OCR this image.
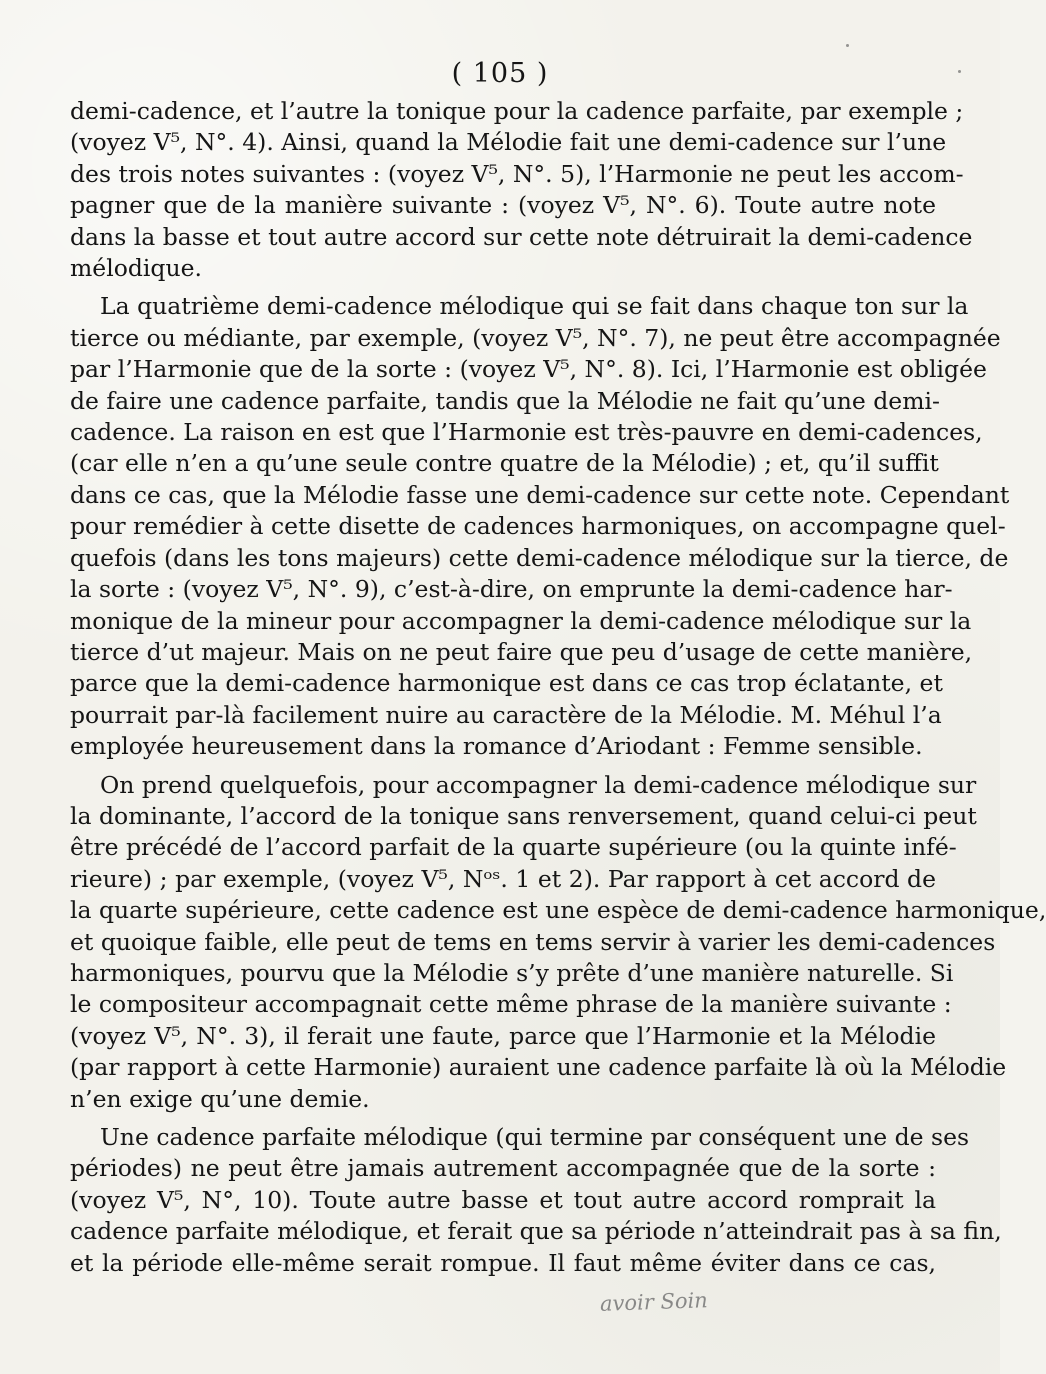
( 105 )
demi-cadence, et l’autre la tonique pour la cadence parfaite, par exemple ;
(voyez V⁵, N°. 4). Ainsi, quand la Mélodie fait une demi-cadence sur l’une
des trois notes suivantes : (voyez V⁵, N°. 5), l’Harmonie ne peut les accom-
pagner que de la manière suivante : (voyez V⁵, N°. 6). Toute autre note
dans la basse et tout autre accord sur cette note détruirait la demi-cadence
mélodique.
La quatrième demi-cadence mélodique qui se fait dans chaque ton sur la
tierce ou médiante, par exemple, (voyez V⁵, N°. 7), ne peut être accompagnée
par l’Harmonie que de la sorte : (voyez V⁵, N°. 8). Ici, l’Harmonie est obligée
de faire une cadence parfaite, tandis que la Mélodie ne fait qu’une demi-
cadence. La raison en est que l’Harmonie est très-pauvre en demi-cadences,
(car elle n’en a qu’une seule contre quatre de la Mélodie) ; et, qu’il suffit
dans ce cas, que la Mélodie fasse une demi-cadence sur cette note. Cependant
pour remédier à cette disette de cadences harmoniques, on accompagne quel-
quefois (dans les tons majeurs) cette demi-cadence mélodique sur la tierce, de
la sorte : (voyez V⁵, N°. 9), c’est-à-dire, on emprunte la demi-cadence har-
monique de la mineur pour accompagner la demi-cadence mélodique sur la
tierce d’ut majeur. Mais on ne peut faire que peu d’usage de cette manière,
parce que la demi-cadence harmonique est dans ce cas trop éclatante, et
pourrait par-là facilement nuire au caractère de la Mélodie. M. Méhul l’a
employée heureusement dans la romance d’Ariodant : Femme sensible.
On prend quelquefois, pour accompagner la demi-cadence mélodique sur
la dominante, l’accord de la tonique sans renversement, quand celui-ci peut
être précédé de l’accord parfait de la quarte supérieure (ou la quinte infé-
rieure) ; par exemple, (voyez V⁵, Nᵒˢ. 1 et 2). Par rapport à cet accord de
la quarte supérieure, cette cadence est une espèce de demi-cadence harmonique,
et quoique faible, elle peut de tems en tems servir à varier les demi-cadences
harmoniques, pourvu que la Mélodie s’y prête d’une manière naturelle. Si
le compositeur accompagnait cette même phrase de la manière suivante :
(voyez V⁵, N°. 3), il ferait une faute, parce que l’Harmonie et la Mélodie
(par rapport à cette Harmonie) auraient une cadence parfaite là où la Mélodie
n’en exige qu’une demie.
Une cadence parfaite mélodique (qui termine par conséquent une de ses
périodes) ne peut être jamais autrement accompagnée que de la sorte :
(voyez V⁵, N°, 10). Toute autre basse et tout autre accord romprait la
cadence parfaite mélodique, et ferait que sa période n’atteindrait pas à sa fin,
et la période elle-même serait rompue. Il faut même éviter dans ce cas,
avoir Soin
